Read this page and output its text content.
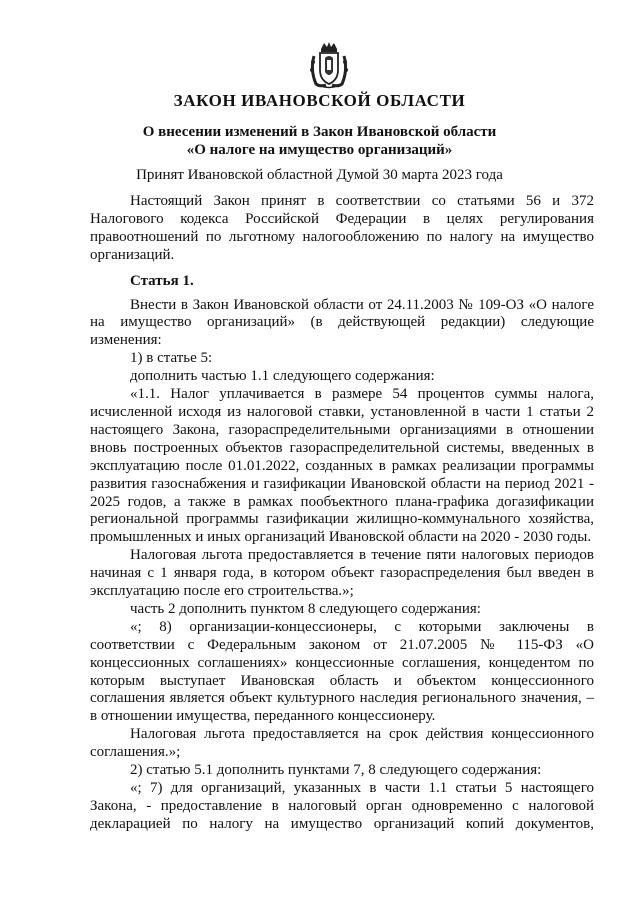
ЗАКОН ИВАНОВСКОЙ ОБЛАСТИ
О внесении изменений в Закон Ивановской области
«О налоге на имущество организаций»
Принят Ивановской областной Думой 30 марта 2023 года

Настоящий Закон принят в соответствии со статьями 56 и 372 Налогового кодекса Российской Федерации в целях регулирования правоотношений по льготному налогообложению по налогу на имущество организаций.

Статья 1.

Внести в Закон Ивановской области от 24.11.2003 № 109-ОЗ «О налоге на имущество организаций» (в действующей редакции) следующие изменения:

1) в статье 5:

дополнить частью 1.1 следующего содержания:

«1.1. Налог уплачивается в размере 54 процентов суммы налога, исчисленной исходя из налоговой ставки, установленной в части 1 статьи 2 настоящего Закона, газораспределительными организациями в отношении вновь построенных объектов газораспределительной системы, введенных в эксплуатацию после 01.01.2022, созданных в рамках реализации программы развития газоснабжения и газификации Ивановской области на период 2021 - 2025 годов, а также в рамках пообъектного плана-графика догазификации региональной программы газификации жилищно-коммунального хозяйства, промышленных и иных организаций Ивановской области на 2020 - 2030 годы.

Налоговая льгота предоставляется в течение пяти налоговых периодов начиная с 1 января года, в котором объект газораспределения был введен в эксплуатацию после его строительства.»;

часть 2 дополнить пунктом 8 следующего содержания:

«; 8) организации-концессионеры, с которыми заключены в соответствии с Федеральным законом от 21.07.2005 № 115-ФЗ «О концессионных соглашениях» концессионные соглашения, концедентом по которым выступает Ивановская область и объектом концессионного соглашения является объект культурного наследия регионального значения, – в отношении имущества, переданного концессионеру.

Налоговая льгота предоставляется на срок действия концессионного соглашения.»;

2) статью 5.1 дополнить пунктами 7, 8 следующего содержания:

«; 7) для организаций, указанных в части 1.1 статьи 5 настоящего Закона, - предоставление в налоговый орган одновременно с налоговой декларацией по налогу на имущество организаций копий документов,
